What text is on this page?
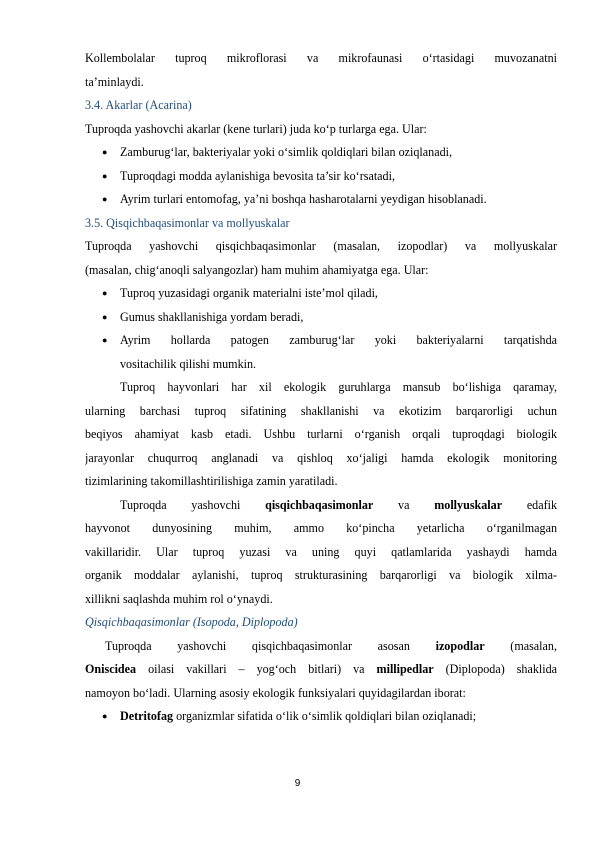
Kollembolalar tuproq mikroflorasi va mikrofaunasi o‘rtasidagi muvozanatni
ta’minlaydi.
3.4. Akarlar (Acarina)
Tuproqda yashovchi akarlar (kene turlari) juda ko‘p turlarga ega. Ular:
● Zamburug‘lar, bakteriyalar yoki o‘simlik qoldiqlari bilan oziqlanadi,
● Tuproqdagi modda aylanishiga bevosita ta’sir ko‘rsatadi,
● Ayrim turlari entomofag, ya’ni boshqa hasharotalarni yeydigan hisoblanadi.
3.5. Qisqichbaqasimonlar va mollyuskalar
Tuproqda yashovchi qisqichbaqasimonlar (masalan, izopodlar) va mollyuskalar
(masalan, chig‘anoqli salyangozlar) ham muhim ahamiyatga ega. Ular:
● Tuproq yuzasidagi organik materialni iste’mol qiladi,
● Gumus shakllanishiga yordam beradi,
● Ayrim hollarda patogen zamburug‘lar yoki bakteriyalarni tarqatishda
vositachilik qilishi mumkin.
Tuproq hayvonlari har xil ekologik guruhlarga mansub bo‘lishiga qaramay,
ularning barchasi tuproq sifatining shakllanishi va ekotizim barqarorligi uchun
beqiyos ahamiyat kasb etadi. Ushbu turlarni o‘rganish orqali tuproqdagi biologik
jarayonlar chuqurroq anglanadi va qishloq xo‘jaligi hamda ekologik monitoring
tizimlarining takomillashtirilishiga zamin yaratiladi.
Tuproqda yashovchi qisqichbaqasimonlar va mollyuskalar edafik
hayvonot dunyosining muhim, ammo ko‘pincha yetarlicha o‘rganilmagan
vakillaridir. Ular tuproq yuzasi va uning quyi qatlamlarida yashaydi hamda
organik moddalar aylanishi, tuproq strukturasining barqarorligi va biologik xilma-
xillikni saqlashda muhim rol o‘ynaydi.
Qisqichbaqasimonlar (Isopoda, Diplopoda)
Tuproqda yashovchi qisqichbaqasimonlar asosan izopodlar (masalan,
Oniscidea oilasi vakillari – yog‘och bitlari) va millipedlar (Diplopoda) shaklida
namoyon bo‘ladi. Ularning asosiy ekologik funksiyalari quyidagilardan iborat:
● Detritofag organizmlar sifatida o‘lik o‘simlik qoldiqlari bilan oziqlanadi;
9
